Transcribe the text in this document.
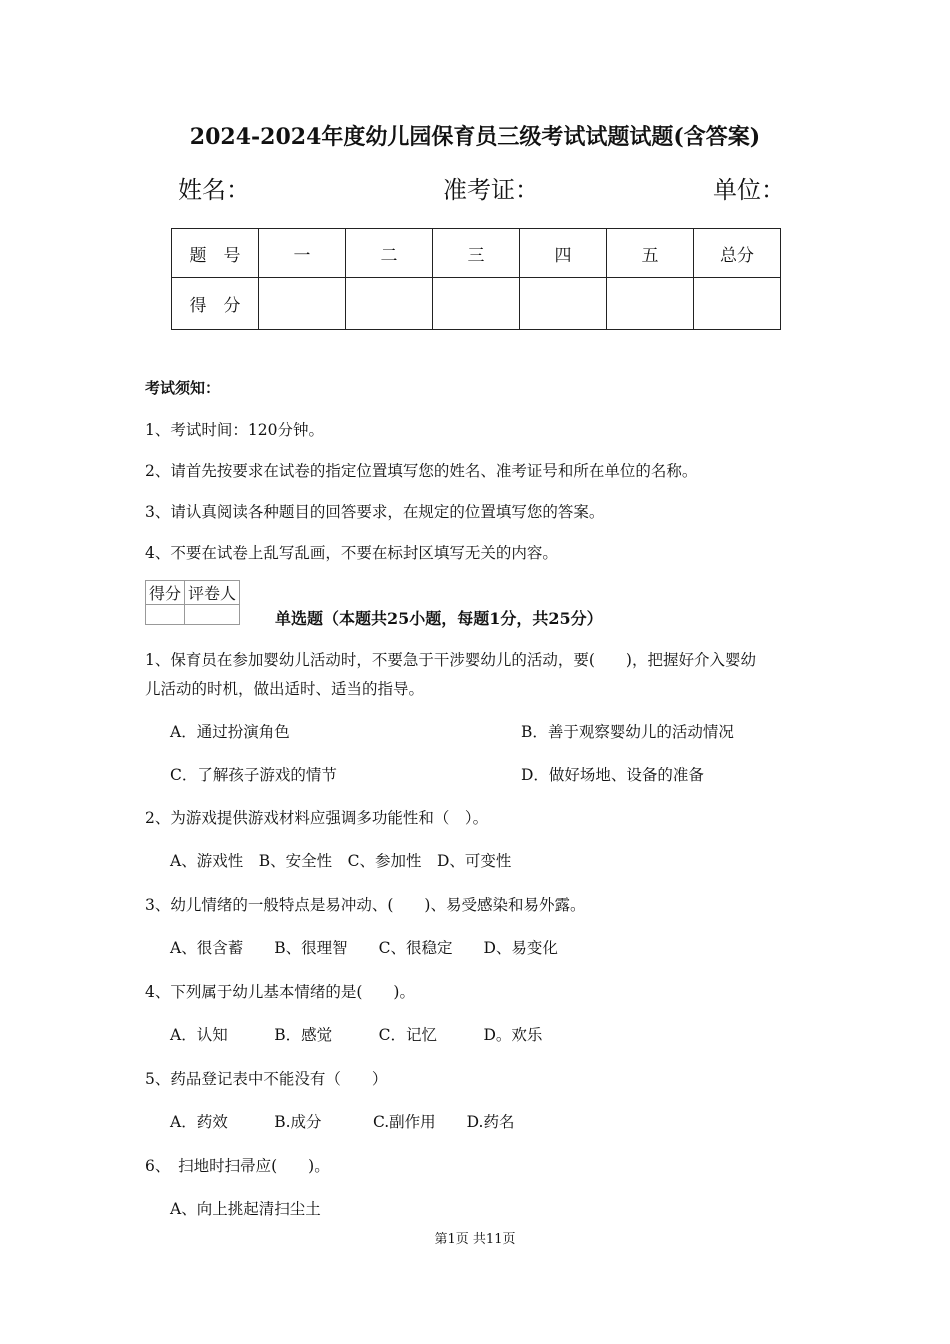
2024-2024年度幼儿园保育员三级考试试题试题(含答案)
姓名：	准考证：	单位：
题　号	一	二	三	四	五	总分
得　分						
考试须知：
1、考试时间：120分钟。
2、请首先按要求在试卷的指定位置填写您的姓名、准考证号和所在单位的名称。
3、请认真阅读各种题目的回答要求，在规定的位置填写您的答案。
4、不要在试卷上乱写乱画，不要在标封区填写无关的内容。
得分	评卷人

单选题（本题共25小题，每题1分，共25分）
1、保育员在参加婴幼儿活动时，不要急于干涉婴幼儿的活动，要(　　)，把握好介入婴幼
儿活动的时机，做出适时、适当的指导。
A．通过扮演角色	B．善于观察婴幼儿的活动情况
C．了解孩子游戏的情节	D．做好场地、设备的准备
2、为游戏提供游戏材料应强调多功能性和（　）。
A、游戏性　B、安全性　C、参加性　D、可变性
3、幼儿情绪的一般特点是易冲动、(　　)、易受感染和易外露。
A、很含蓄　　B、很理智　　C、很稳定　　D、易变化
4、下列属于幼儿基本情绪的是(　　)。
A．认知　　　B．感觉　　　C．记忆　　　D。欢乐
5、药品登记表中不能没有（　　）
A．药效　　　B.成分　　　 C.副作用　　D.药名
6、　扫地时扫帚应(　　)。
A、向上挑起清扫尘土
第1页 共11页
